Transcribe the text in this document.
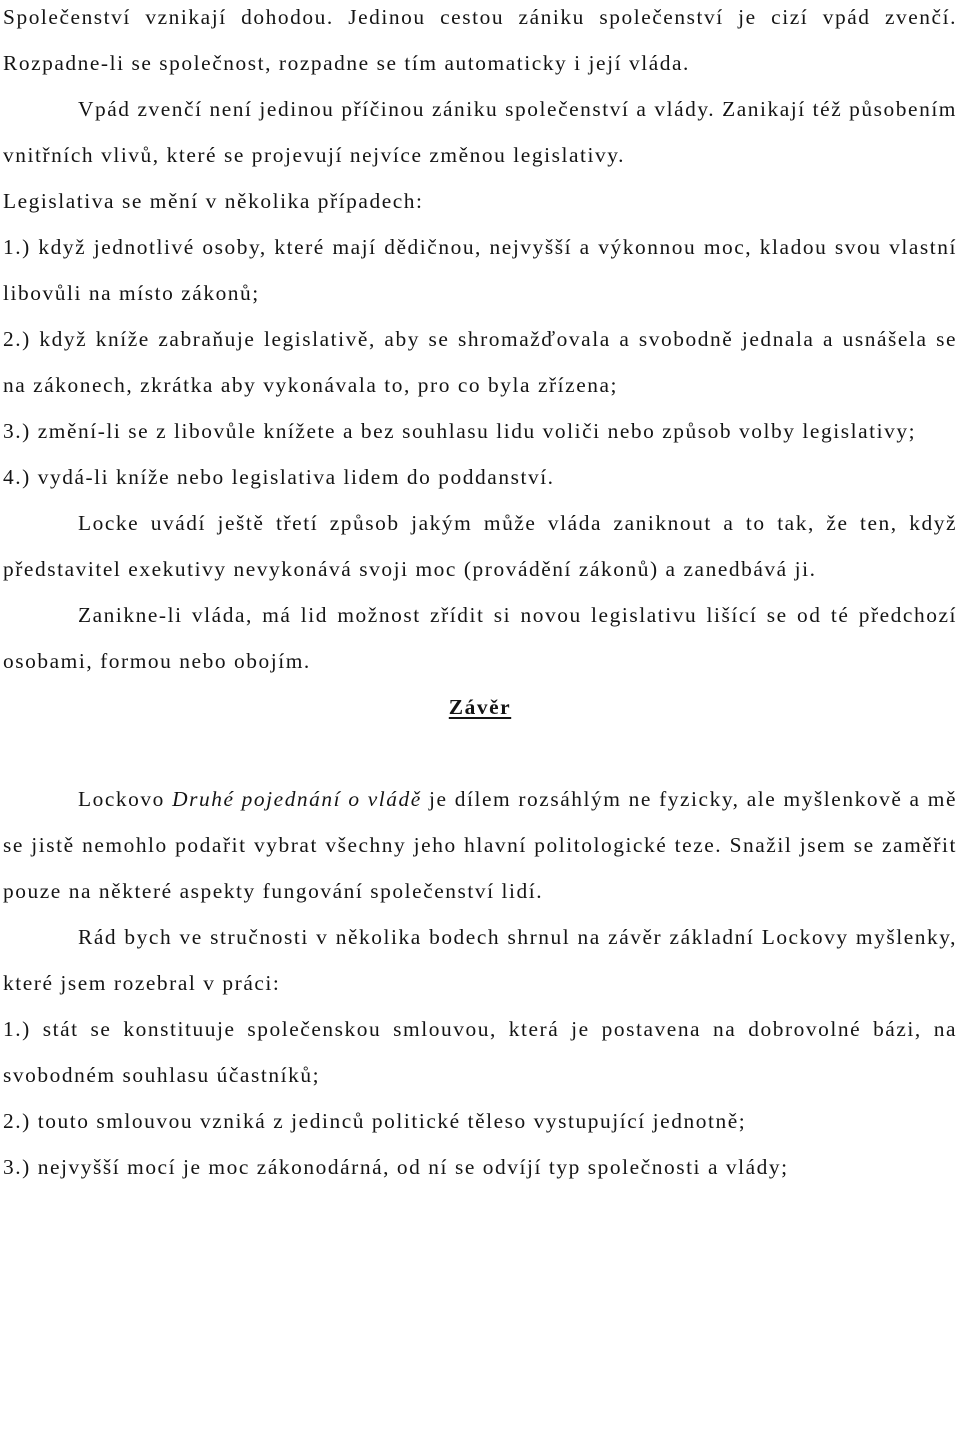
Společenství vznikají dohodou. Jedinou cestou zániku společenství je cizí vpád zvenčí. Rozpadne-li se společnost, rozpadne se tím automaticky i její vláda.

Vpád zvenčí není jedinou příčinou zániku společenství a vlády. Zanikají též působením vnitřních vlivů, které se projevují nejvíce změnou legislativy.

Legislativa se mění v několika případech:

1.) když jednotlivé osoby, které mají dědičnou, nejvyšší a výkonnou moc, kladou svou vlastní libovůli na místo zákonů;

2.) když kníže zabraňuje legislativě, aby se shromažďovala a svobodně jednala a usnášela se na zákonech, zkrátka aby vykonávala to, pro co byla zřízena;

3.) změní-li se z libovůle knížete a bez souhlasu lidu voliči nebo způsob volby legislativy;

4.) vydá-li kníže nebo legislativa lidem do poddanství.

Locke uvádí ještě třetí způsob jakým může vláda zaniknout a to tak, že ten, když představitel exekutivy nevykonává svoji moc (provádění zákonů) a zanedbává ji.

Zanikne-li vláda, má lid možnost zřídit si novou legislativu lišící se od té předchozí osobami, formou nebo obojím.

Závěr

Lockovo Druhé pojednání o vládě je dílem rozsáhlým ne fyzicky, ale myšlenkově a mě se jistě nemohlo podařit vybrat všechny jeho hlavní politologické teze. Snažil jsem se zaměřit pouze na některé aspekty fungování společenství lidí.

Rád bych ve stručnosti v několika bodech shrnul na závěr základní Lockovy myšlenky, které jsem rozebral v práci:

1.) stát se konstituuje společenskou smlouvou, která je postavena na dobrovolné bázi, na svobodném souhlasu účastníků;

2.) touto smlouvou vzniká z jedinců politické těleso vystupující jednotně;

3.) nejvyšší mocí je moc zákonodárná, od ní se odvíjí typ společnosti a vlády;
